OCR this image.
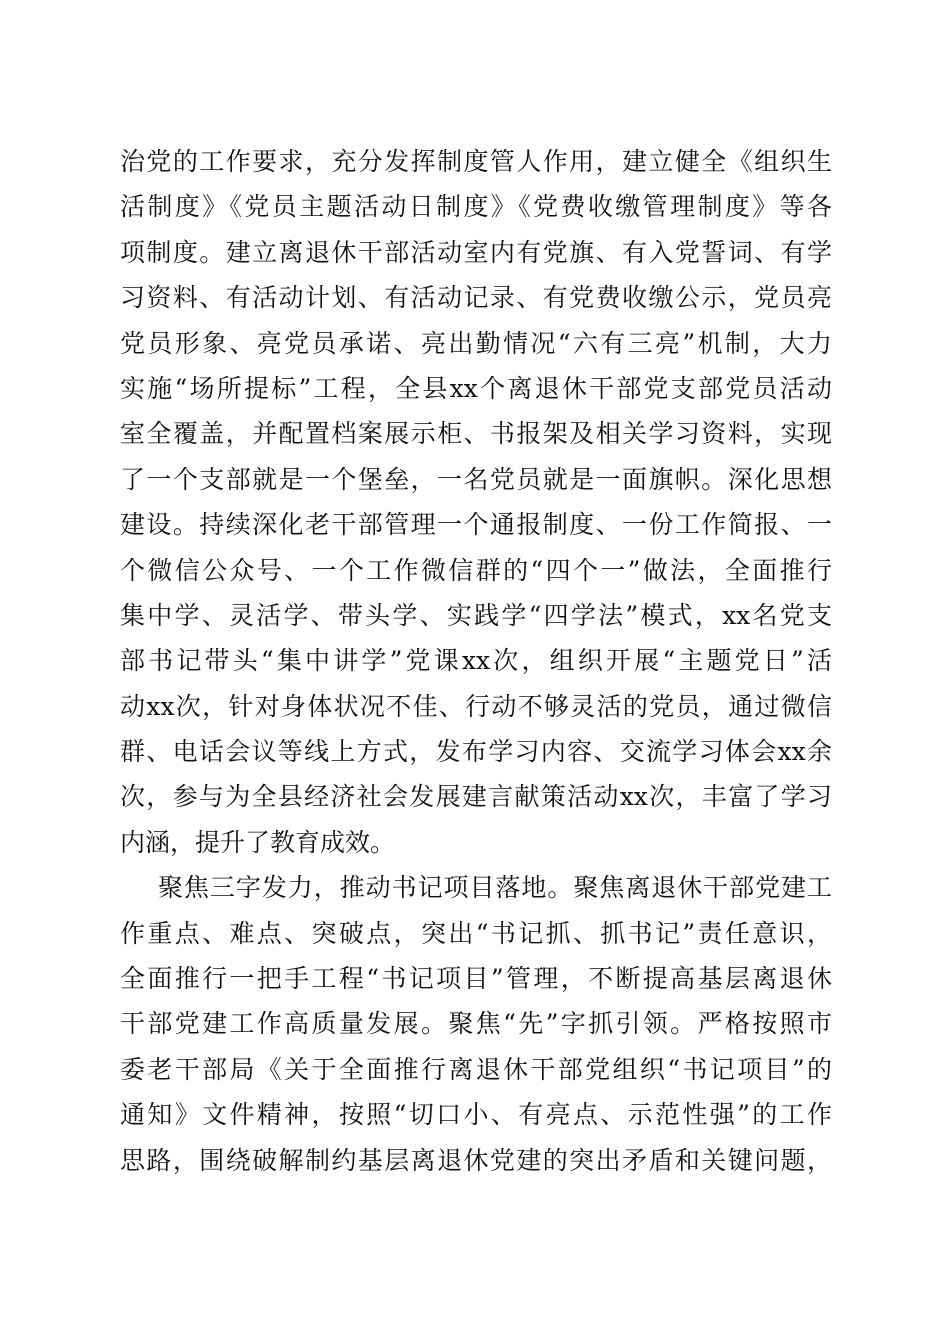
治党的工作要求，充分发挥制度管人作用，建立健全《组织生
活制度》《党员主题活动日制度》《党费收缴管理制度》等各
项制度。建立离退休干部活动室内有党旗、有入党誓词、有学
习资料、有活动计划、有活动记录、有党费收缴公示，党员亮
党员形象、亮党员承诺、亮出勤情况“六有三亮”机制，大力
实施“场所提标”工程，全县xx个离退休干部党支部党员活动
室全覆盖，并配置档案展示柜、书报架及相关学习资料，实现
了一个支部就是一个堡垒，一名党员就是一面旗帜。深化思想
建设。持续深化老干部管理一个通报制度、一份工作简报、一
个微信公众号、一个工作微信群的“四个一”做法，全面推行
集中学、灵活学、带头学、实践学“四学法”模式，xx名党支
部书记带头“集中讲学”党课xx次，组织开展“主题党日”活
动xx次，针对身体状况不佳、行动不够灵活的党员，通过微信
群、电话会议等线上方式，发布学习内容、交流学习体会xx余
次，参与为全县经济社会发展建言献策活动xx次，丰富了学习
内涵，提升了教育成效。
聚焦三字发力，推动书记项目落地。聚焦离退休干部党建工
作重点、难点、突破点，突出“书记抓、抓书记”责任意识，
全面推行一把手工程“书记项目”管理，不断提高基层离退休
干部党建工作高质量发展。聚焦“先”字抓引领。严格按照市
委老干部局《关于全面推行离退休干部党组织“书记项目”的
通知》文件精神，按照“切口小、有亮点、示范性强”的工作
思路，围绕破解制约基层离退休党建的突出矛盾和关键问题，
